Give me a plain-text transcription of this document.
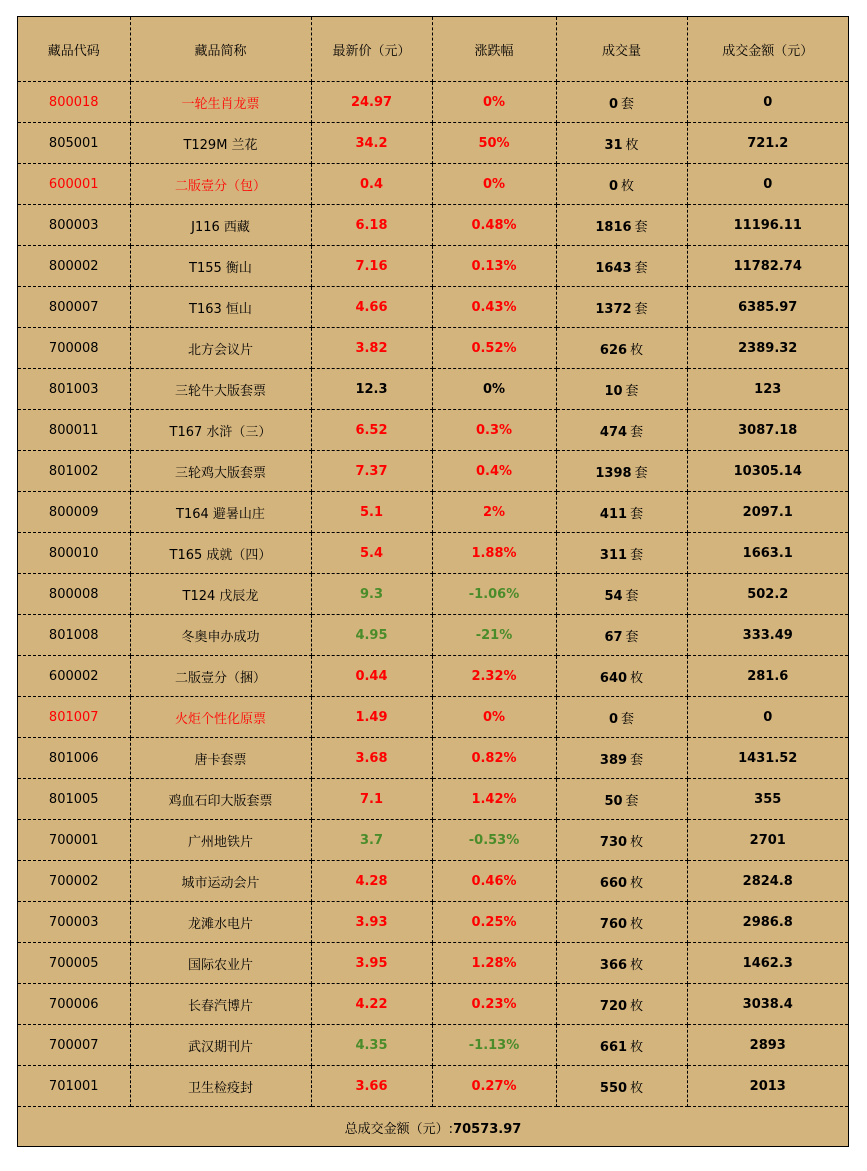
藏品代码	藏品简称	最新价（元）	涨跌幅	成交量	成交金额（元）
800018	一轮生肖龙票	24.97	0%	0 套	0
805001	T129M 兰花	34.2	50%	31 枚	721.2
600001	二版壹分（包）	0.4	0%	0 枚	0
800003	J116 西藏	6.18	0.48%	1816 套	11196.11
800002	T155 衡山	7.16	0.13%	1643 套	11782.74
800007	T163 恒山	4.66	0.43%	1372 套	6385.97
700008	北方会议片	3.82	0.52%	626 枚	2389.32
801003	三轮牛大版套票	12.3	0%	10 套	123
800011	T167 水浒（三）	6.52	0.3%	474 套	3087.18
801002	三轮鸡大版套票	7.37	0.4%	1398 套	10305.14
800009	T164 避暑山庄	5.1	2%	411 套	2097.1
800010	T165 成就（四）	5.4	1.88%	311 套	1663.1
800008	T124 戊辰龙	9.3	-1.06%	54 套	502.2
801008	冬奥申办成功	4.95	-21%	67 套	333.49
600002	二版壹分（捆）	0.44	2.32%	640 枚	281.6
801007	火炬个性化原票	1.49	0%	0 套	0
801006	唐卡套票	3.68	0.82%	389 套	1431.52
801005	鸡血石印大版套票	7.1	1.42%	50 套	355
700001	广州地铁片	3.7	-0.53%	730 枚	2701
700002	城市运动会片	4.28	0.46%	660 枚	2824.8
700003	龙滩水电片	3.93	0.25%	760 枚	2986.8
700005	国际农业片	3.95	1.28%	366 枚	1462.3
700006	长春汽博片	4.22	0.23%	720 枚	3038.4
700007	武汉期刊片	4.35	-1.13%	661 枚	2893
701001	卫生检疫封	3.66	0.27%	550 枚	2013
总成交金额（元）:70573.97					
